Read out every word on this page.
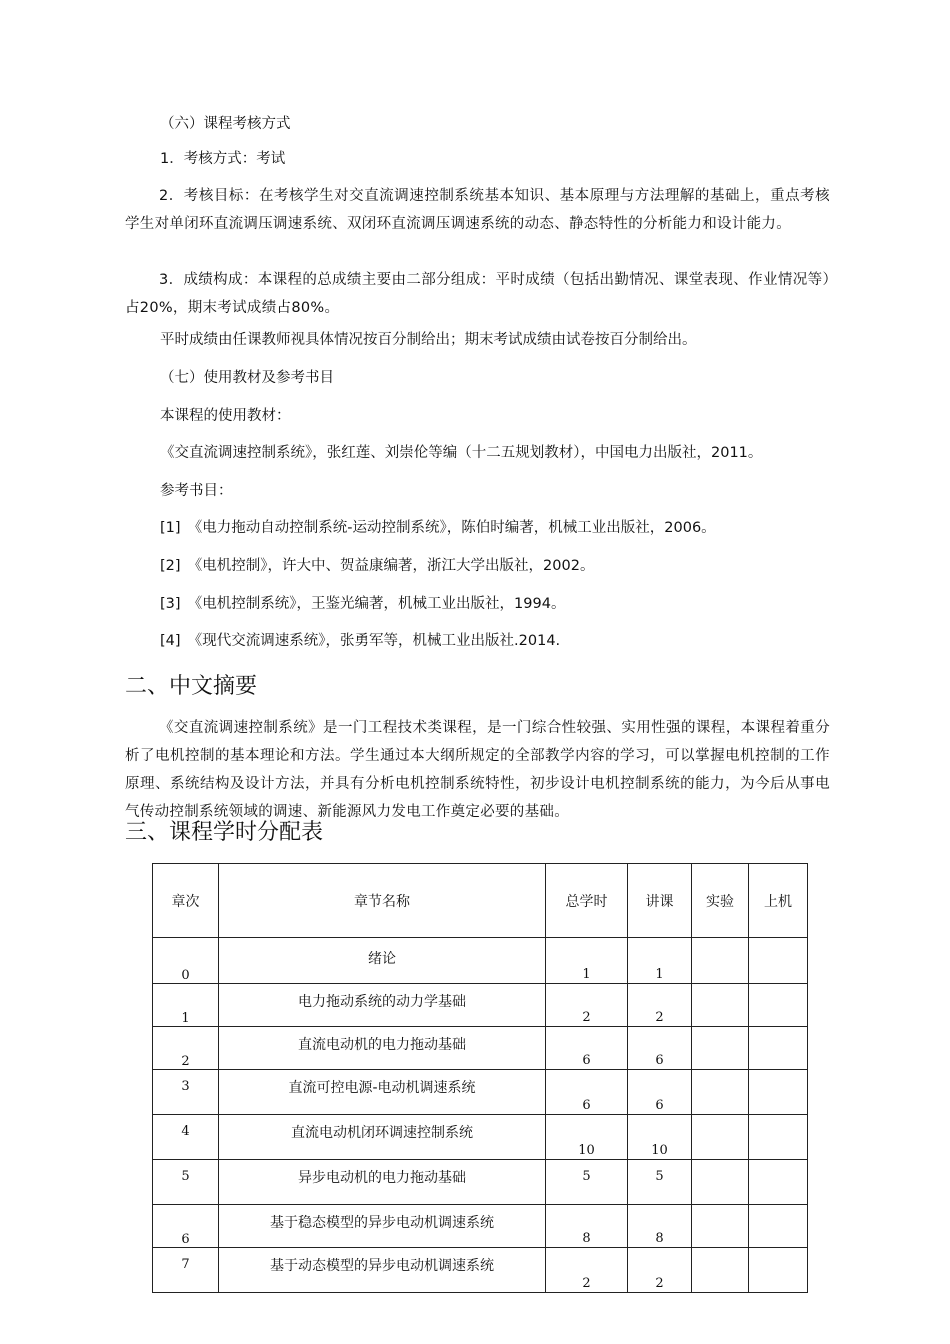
（六）课程考核方式
1．考核方式：考试
2．考核目标：在考核学生对交直流调速控制系统基本知识、基本原理与方法理解的基础上，重点考核学生对单闭环直流调压调速系统、双闭环直流调压调速系统的动态、静态特性的分析能力和设计能力。
3．成绩构成：本课程的总成绩主要由二部分组成：平时成绩（包括出勤情况、课堂表现、作业情况等）占20%，期末考试成绩占80%。
平时成绩由任课教师视具体情况按百分制给出；期末考试成绩由试卷按百分制给出。
（七）使用教材及参考书目
本课程的使用教材：
《交直流调速控制系统》，张红莲、刘崇伦等编（十二五规划教材），中国电力出版社，2011。
参考书目：
[1]　《电力拖动自动控制系统-运动控制系统》，陈伯时编著，机械工业出版社，2006。
[2]　《电机控制》，许大中、贺益康编著，浙江大学出版社，2002。
[3]　《电机控制系统》，王鉴光编著，机械工业出版社，1994。
[4]　《现代交流调速系统》，张勇军等，机械工业出版社.2014.
二、中文摘要
《交直流调速控制系统》是一门工程技术类课程，是一门综合性较强、实用性强的课程，本课程着重分析了电机控制的基本理论和方法。学生通过本大纲所规定的全部教学内容的学习，可以掌握电机控制的工作原理、系统结构及设计方法，并具有分析电机控制系统特性，初步设计电机控制系统的能力，为今后从事电气传动控制系统领域的调速、新能源风力发电工作奠定必要的基础。
三、课程学时分配表
章次	章节名称	总学时	讲课	实验	上机
0	绪论	1	1		
1	电力拖动系统的动力学基础	2	2		
2	直流电动机的电力拖动基础	6	6		
3	直流可控电源-电动机调速系统	6	6		
4	直流电动机闭环调速控制系统	10	10		
5	异步电动机的电力拖动基础	5	5		
6	基于稳态模型的异步电动机调速系统	8	8		
7	基于动态模型的异步电动机调速系统	2	2		
